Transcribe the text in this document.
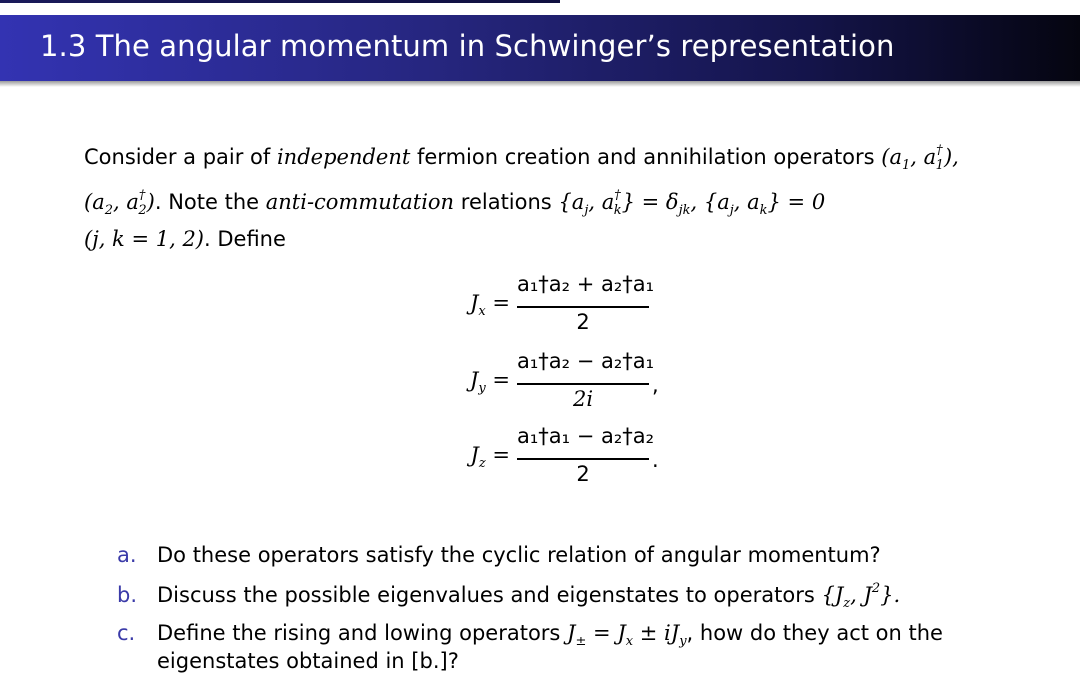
1.3 The angular momentum in Schwinger’s representation
Consider a pair of independent fermion creation and annihilation operators ($a_1$, $a^\dagger_1$),
($a_2$, $a^\dagger_2$). Note the anti-commutation relations {$a_j$, $a^\dagger_k\} = \delta_{jk}$, {$a_j$, $a_k\} = 0$
(j, k = 1, 2). Define
$J_x$ =
a₁†a₂ + a₂†a₁
2
$J_y$ =
a₁†a₂ − a₂†a₁
2i
,
$J_z$ =
a₁†a₁ − a₂†a₂
2
.
a. Do these operators satisfy the cyclic relation of angular momentum?
b. Discuss the possible eigenvalues and eigenstates to operators {$J_z$, $J^2$}.
c. Define the rising and lowing operators $J_\pm = J_x \pm iJ_y$, how do they act on the
eigenstates obtained in [b.]?
